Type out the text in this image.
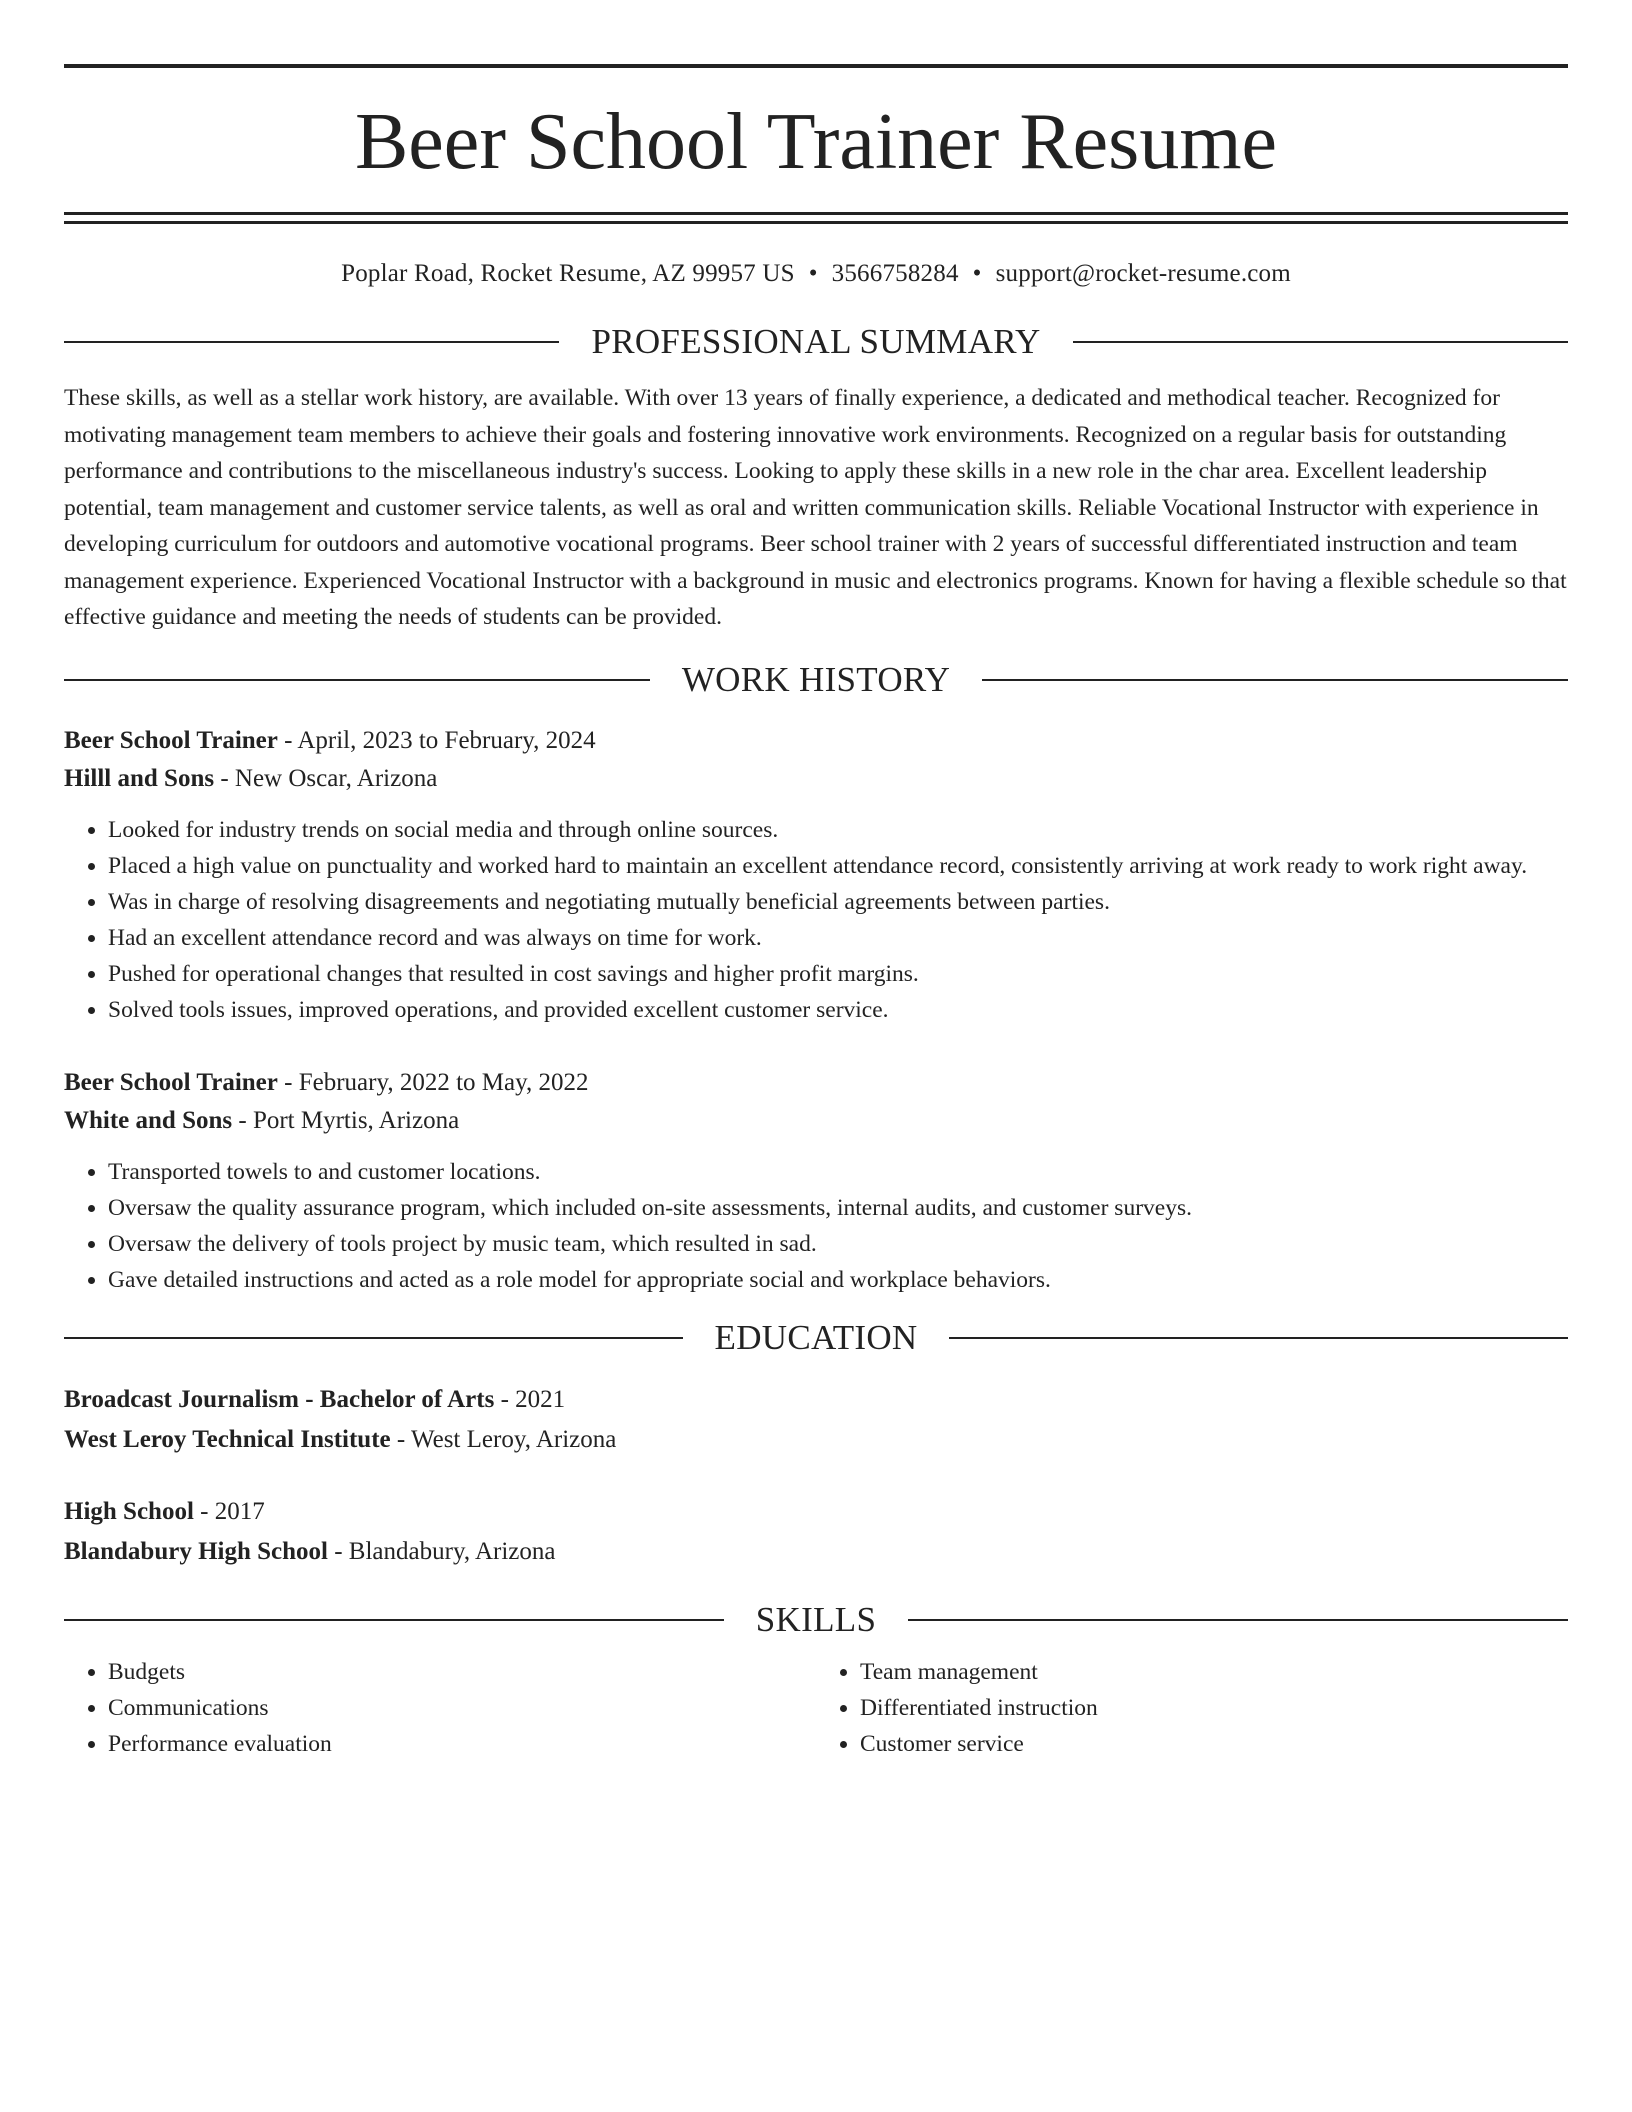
Beer School Trainer Resume
Poplar Road, Rocket Resume, AZ 99957 US • 3566758284 • support@rocket-resume.com
PROFESSIONAL SUMMARY

These skills, as well as a stellar work history, are available. With over 13 years of finally experience, a dedicated and methodical teacher. Recognized for motivating management team members to achieve their goals and fostering innovative work environments. Recognized on a regular basis for outstanding performance and contributions to the miscellaneous industry's success. Looking to apply these skills in a new role in the char area. Excellent leadership potential, team management and customer service talents, as well as oral and written communication skills. Reliable Vocational Instructor with experience in developing curriculum for outdoors and automotive vocational programs. Beer school trainer with 2 years of successful differentiated instruction and team management experience. Experienced Vocational Instructor with a background in music and electronics programs. Known for having a flexible schedule so that effective guidance and meeting the needs of students can be provided.

WORK HISTORY
Beer School Trainer - April, 2023 to February, 2024
Hilll and Sons - New Oscar, Arizona
• Looked for industry trends on social media and through online sources.
• Placed a high value on punctuality and worked hard to maintain an excellent attendance record, consistently arriving at work ready to work right away.
• Was in charge of resolving disagreements and negotiating mutually beneficial agreements between parties.
• Had an excellent attendance record and was always on time for work.
• Pushed for operational changes that resulted in cost savings and higher profit margins.
• Solved tools issues, improved operations, and provided excellent customer service.
Beer School Trainer - February, 2022 to May, 2022
White and Sons - Port Myrtis, Arizona
• Transported towels to and customer locations.
• Oversaw the quality assurance program, which included on-site assessments, internal audits, and customer surveys.
• Oversaw the delivery of tools project by music team, which resulted in sad.
• Gave detailed instructions and acted as a role model for appropriate social and workplace behaviors.
EDUCATION
Broadcast Journalism - Bachelor of Arts - 2021
West Leroy Technical Institute - West Leroy, Arizona
High School - 2017
Blandabury High School - Blandabury, Arizona
SKILLS
• Budgets
• Communications
• Performance evaluation
• Team management
• Differentiated instruction
• Customer service
